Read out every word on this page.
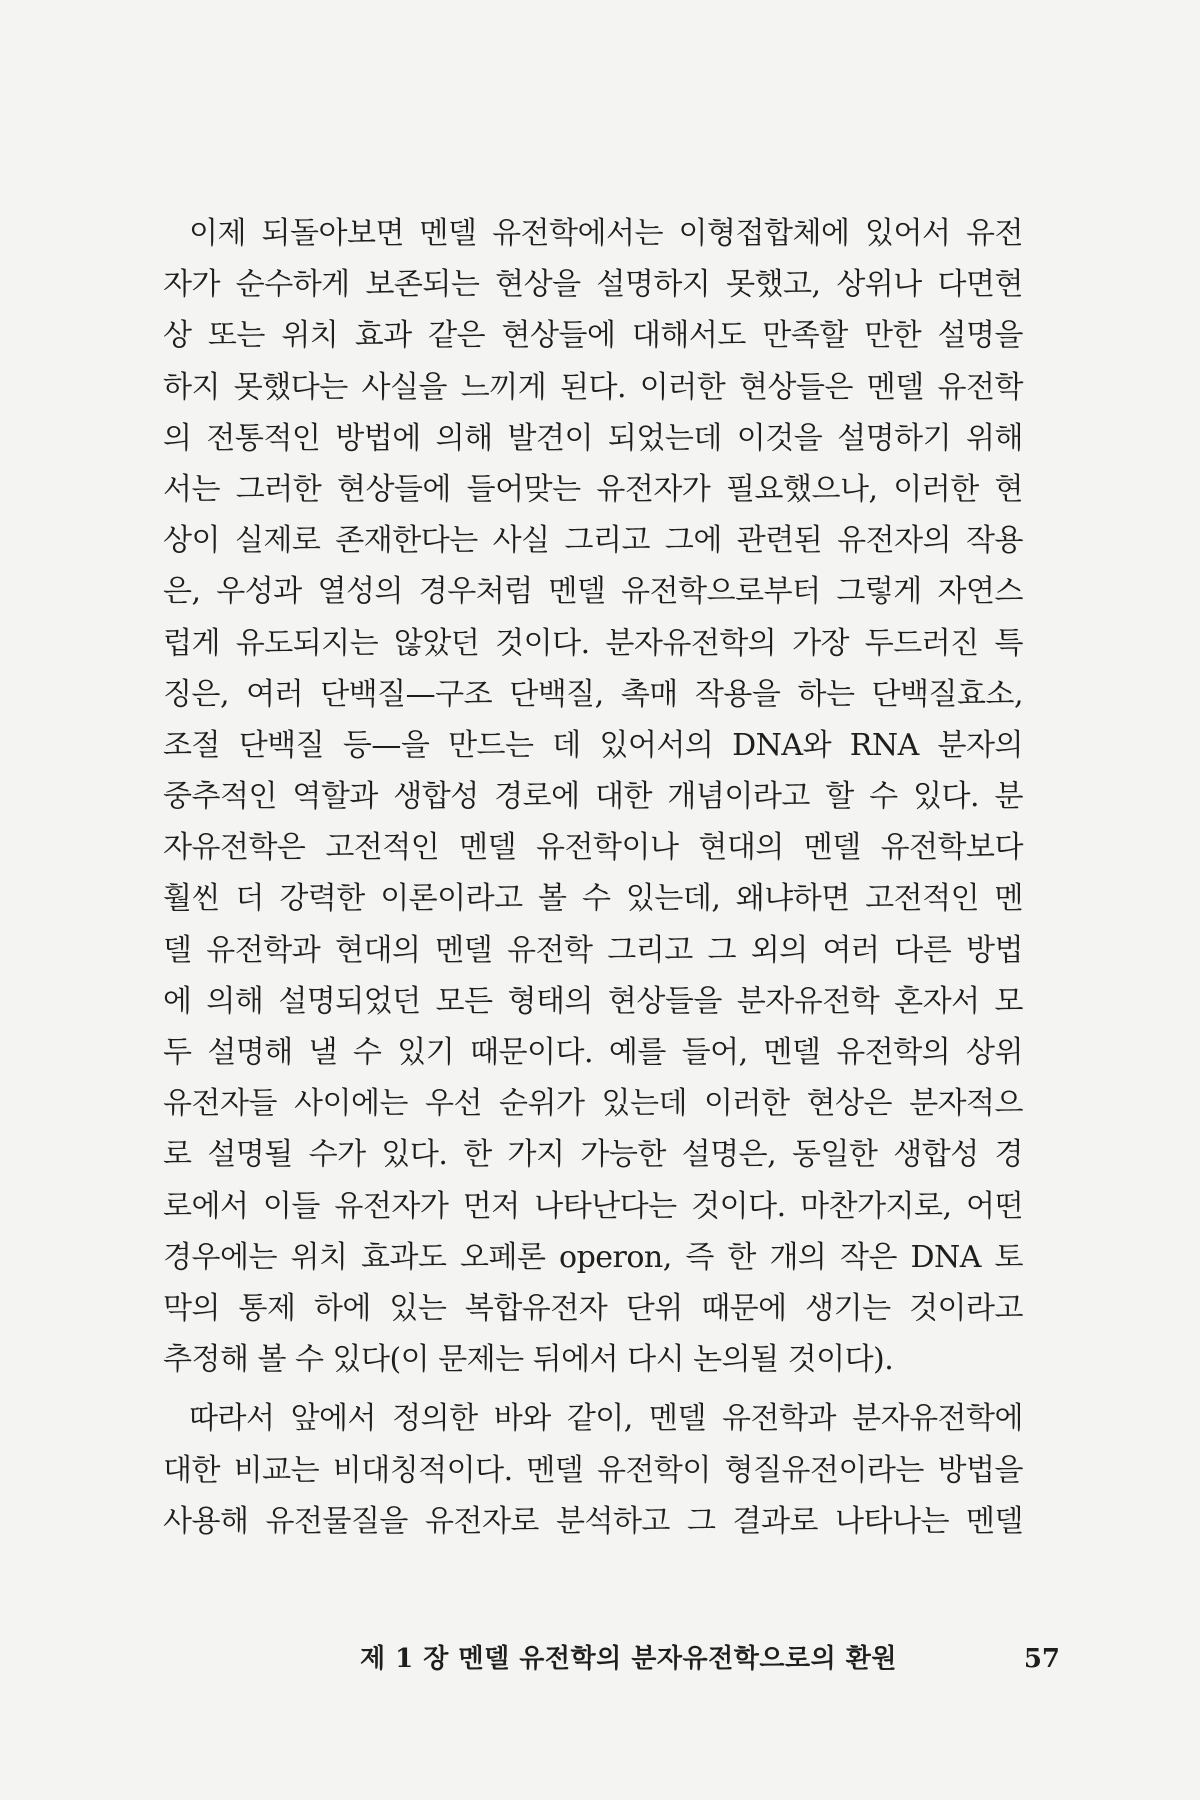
이제 되돌아보면 멘델 유전학에서는 이형접합체에 있어서 유전
자가 순수하게 보존되는 현상을 설명하지 못했고, 상위나 다면현
상 또는 위치 효과 같은 현상들에 대해서도 만족할 만한 설명을
하지 못했다는 사실을 느끼게 된다. 이러한 현상들은 멘델 유전학
의 전통적인 방법에 의해 발견이 되었는데 이것을 설명하기 위해
서는 그러한 현상들에 들어맞는 유전자가 필요했으나, 이러한 현
상이 실제로 존재한다는 사실 그리고 그에 관련된 유전자의 작용
은, 우성과 열성의 경우처럼 멘델 유전학으로부터 그렇게 자연스
럽게 유도되지는 않았던 것이다. 분자유전학의 가장 두드러진 특
징은, 여러 단백질—구조 단백질, 촉매 작용을 하는 단백질효소,
조절 단백질 등—을 만드는 데 있어서의 DNA와 RNA 분자의
중추적인 역할과 생합성 경로에 대한 개념이라고 할 수 있다. 분
자유전학은 고전적인 멘델 유전학이나 현대의 멘델 유전학보다
훨씬 더 강력한 이론이라고 볼 수 있는데, 왜냐하면 고전적인 멘
델 유전학과 현대의 멘델 유전학 그리고 그 외의 여러 다른 방법
에 의해 설명되었던 모든 형태의 현상들을 분자유전학 혼자서 모
두 설명해 낼 수 있기 때문이다. 예를 들어, 멘델 유전학의 상위
유전자들 사이에는 우선 순위가 있는데 이러한 현상은 분자적으
로 설명될 수가 있다. 한 가지 가능한 설명은, 동일한 생합성 경
로에서 이들 유전자가 먼저 나타난다는 것이다. 마찬가지로, 어떤
경우에는 위치 효과도 오페론 operon, 즉 한 개의 작은 DNA 토
막의 통제 하에 있는 복합유전자 단위 때문에 생기는 것이라고
추정해 볼 수 있다(이 문제는 뒤에서 다시 논의될 것이다).
따라서 앞에서 정의한 바와 같이, 멘델 유전학과 분자유전학에
대한 비교는 비대칭적이다. 멘델 유전학이 형질유전이라는 방법을
사용해 유전물질을 유전자로 분석하고 그 결과로 나타나는 멘델
제 1 장 멘델 유전학의 분자유전학으로의 환원	57
